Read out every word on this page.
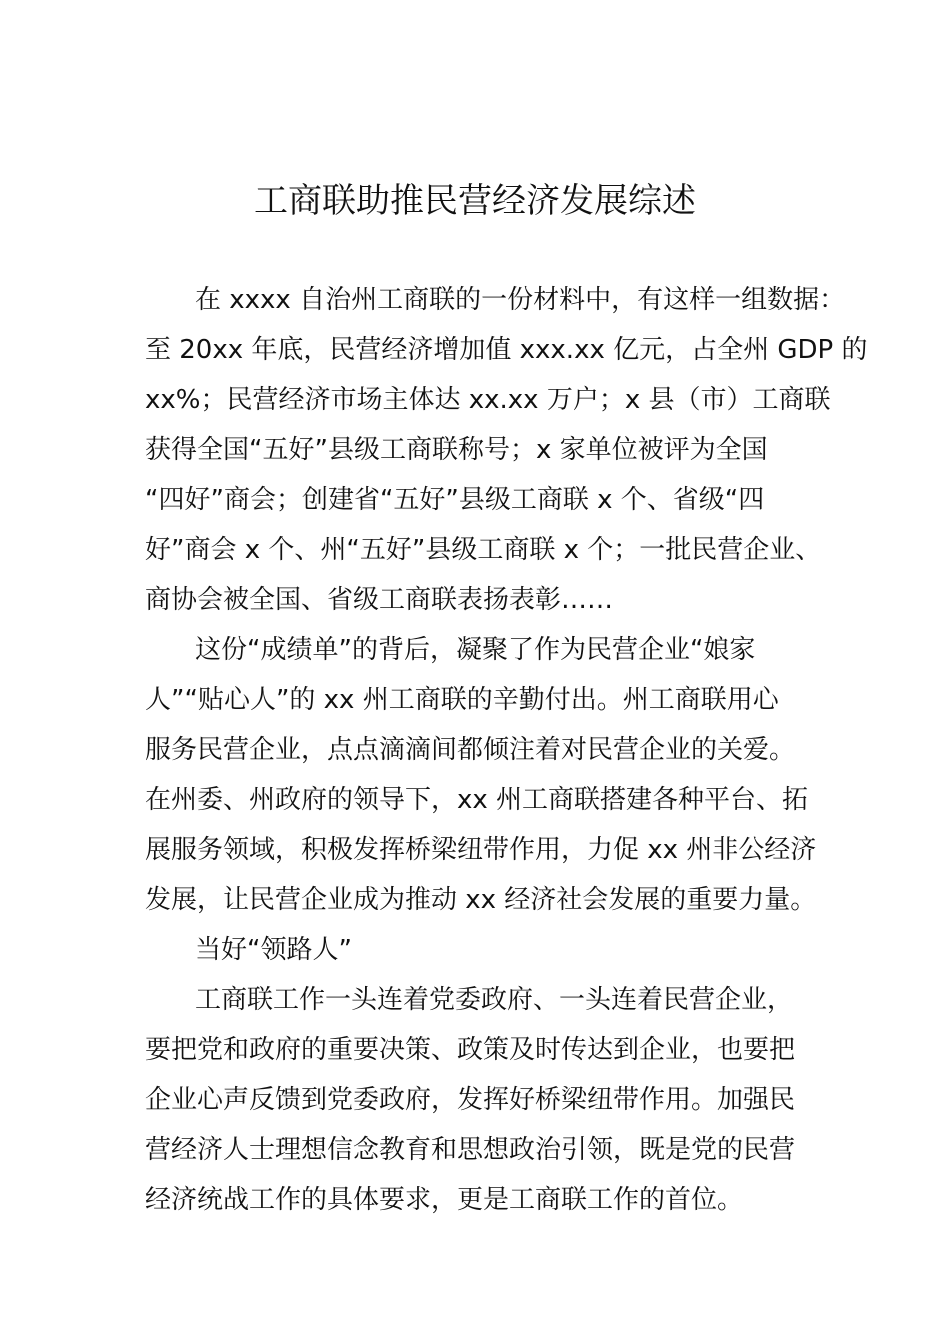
工商联助推民营经济发展综述
在 xxxx 自治州工商联的一份材料中，有这样一组数据：
至 20xx 年底，民营经济增加值 xxx.xx 亿元，占全州 GDP 的
xx%；民营经济市场主体达 xx.xx 万户；x 县（市）工商联
获得全国“五好”县级工商联称号；x 家单位被评为全国
“四好”商会；创建省“五好”县级工商联 x 个、省级“四
好”商会 x 个、州“五好”县级工商联 x 个；一批民营企业、
商协会被全国、省级工商联表扬表彰……
这份“成绩单”的背后，凝聚了作为民营企业“娘家
人”“贴心人”的 xx 州工商联的辛勤付出。州工商联用心
服务民营企业，点点滴滴间都倾注着对民营企业的关爱。
在州委、州政府的领导下，xx 州工商联搭建各种平台、拓
展服务领域，积极发挥桥梁纽带作用，力促 xx 州非公经济
发展，让民营企业成为推动 xx 经济社会发展的重要力量。
当好“领路人”
工商联工作一头连着党委政府、一头连着民营企业，
要把党和政府的重要决策、政策及时传达到企业，也要把
企业心声反馈到党委政府，发挥好桥梁纽带作用。加强民
营经济人士理想信念教育和思想政治引领，既是党的民营
经济统战工作的具体要求，更是工商联工作的首位。
